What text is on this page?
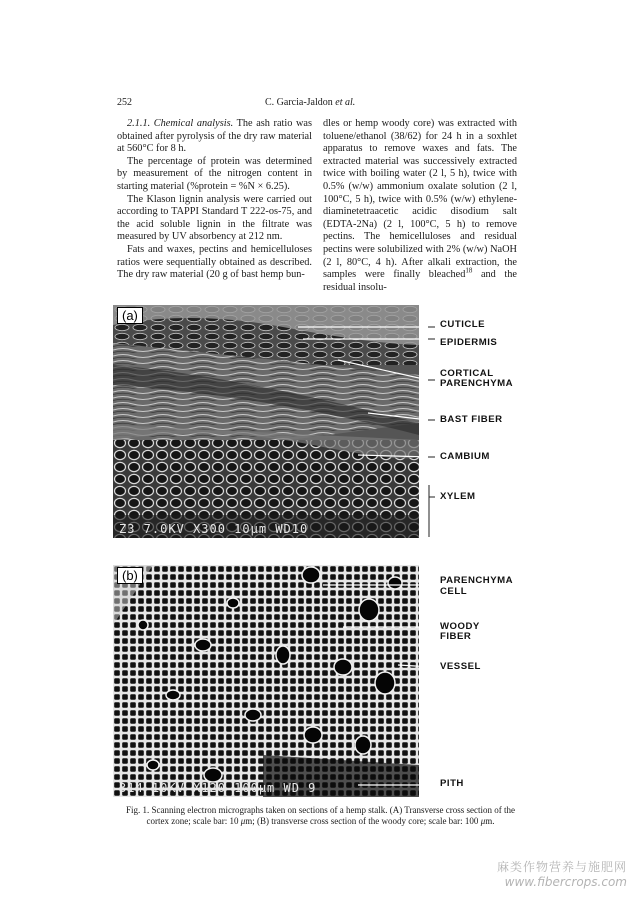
252	C. Garcia-Jaldon et al.

2.1.1. Chemical analysis. The ash ratio was obtained after pyrolysis of the dry raw material at 560°C for 8 h.

The percentage of protein was determined by measurement of the nitrogen content in starting material (%protein = %N × 6.25).

The Klason lignin analysis were carried out according to TAPPI Standard T 222-os-75, and the acid soluble lignin in the filtrate was measured by UV absorbency at 212 nm.

Fats and waxes, pectins and hemicelluloses ratios were sequentially obtained as described. The dry raw material (20 g of bast hemp bun-

dles or hemp woody core) was extracted with toluene/ethanol (38/62) for 24 h in a soxhlet apparatus to remove waxes and fats. The extracted material was successively extracted twice with boiling water (2 l, 5 h), twice with 0.5% (w/w) ammonium oxalate solution (2 l, 100°C, 5 h), twice with 0.5% (w/w) ethylene-diaminetetraacetic acidic disodium salt (EDTA-2Na) (2 l, 100°C, 5 h) to remove pectins. The hemicelluloses and residual pectins were solubilized with 2% (w/w) NaOH (2 l, 80°C, 4 h). After alkali extraction, the samples were finally bleached$^{18}$ and the residual insolu-

(a)
Z3 7.0KV X300 10μm WD10
(b)
314 10KV X120 100μm WD 9
CUTICLE
EPIDERMIS
CORTICAL
PARENCHYMA
BAST FIBER
CAMBIUM
XYLEM
PARENCHYMA
CELL
WOODY
FIBER
VESSEL
PITH
Fig. 1. Scanning electron micrographs taken on sections of a hemp stalk. (A) Transverse cross section of the cortex zone; scale bar: 10 μm; (B) transverse cross section of the woody core; scale bar: 100 μm.
麻类作物营养与施肥网
www.fibercrops.com
